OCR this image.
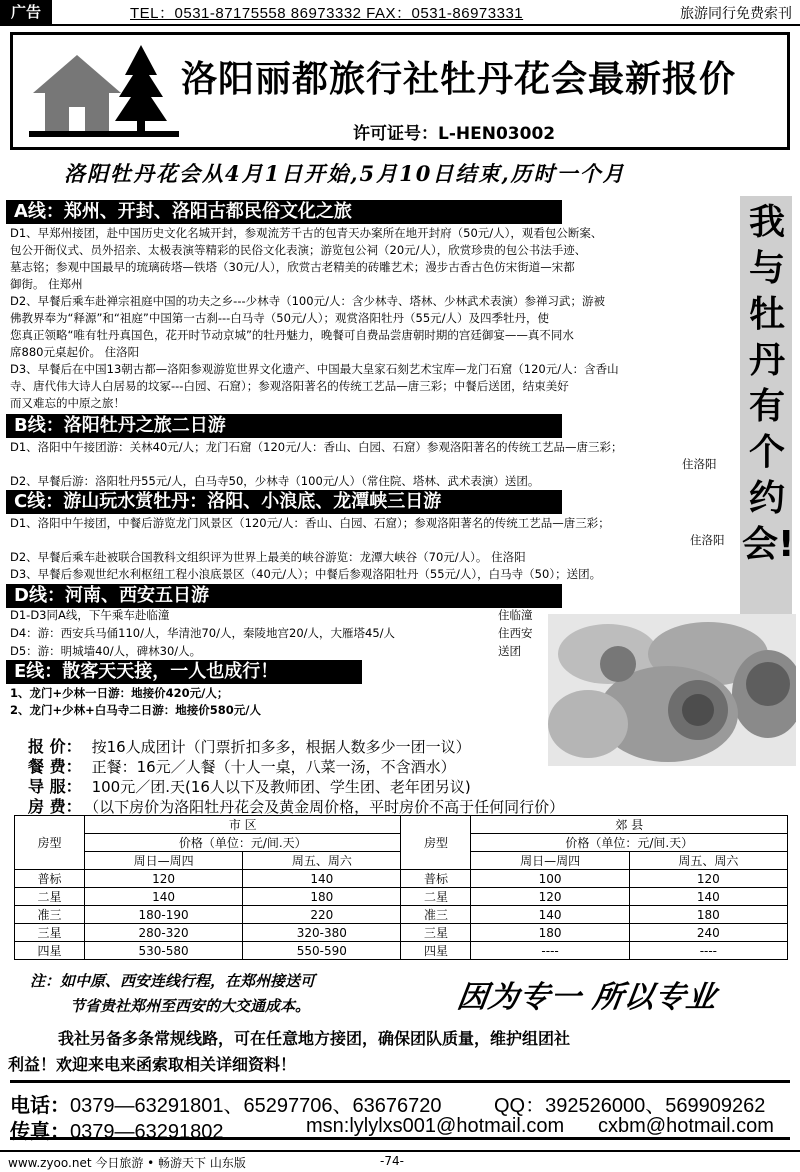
广告	TEL：0531-87175558 86973332 FAX：0531-86973331	旅游同行免费索刊
洛阳丽都旅行社牡丹花会最新报价
许可证号：L-HEN03002
洛阳牡丹花会从4月1日开始,5月10日结束,历时一个月
我与牡丹有个约会!
A线：郑州、开封、洛阳古都民俗文化之旅
D1、早郑州接团，赴中国历史文化名城开封，参观流芳千古的包青天办案所在地开封府（50元/人），观看包公断案、
包公开衙仪式、员外招亲、太极表演等精彩的民俗文化表演；游览包公祠（20元/人），欣赏珍贵的包公书法手迹、
墓志铭；参观中国最早的琉璃砖塔—铁塔（30元/人），欣赏古老精美的砖雕艺术；漫步古香古色仿宋街道—宋都
御街。 住郑州
D2、早餐后乘车赴禅宗祖庭中国的功夫之乡---少林寺（100元/人：含少林寺、塔林、少林武术表演）参禅习武；游被
佛教界奉为“释源”和“祖庭”中国第一古刹---白马寺（50元/人）；观赏洛阳牡丹（55元/人）及四季牡丹，使
您真正领略“唯有牡丹真国色，花开时节动京城”的牡丹魅力，晚餐可自费品尝唐朝时期的宫廷御宴——真不同水
席880元桌起价。 住洛阳
D3、早餐后在中国13朝古都—洛阳参观游览世界文化遗产、中国最大皇家石刻艺术宝库—龙门石窟（120元/人：含香山
寺、唐代伟大诗人白居易的坟冢---白园、石窟）；参观洛阳著名的传统工艺品—唐三彩；中餐后送团，结束美好
而又难忘的中原之旅！
B线：洛阳牡丹之旅二日游
D1、洛阳中午接团游：关林40元/人；龙门石窟（120元/人：香山、白园、石窟）参观洛阳著名的传统工艺品—唐三彩；
住洛阳
D2、早餐后游：洛阳牡丹55元/人，白马寺50，少林寺（100元/人）（常住院、塔林、武术表演）送团。
C线：游山玩水赏牡丹：洛阳、小浪底、龙潭峡三日游
D1、洛阳中午接团，中餐后游览龙门风景区（120元/人：香山、白园、石窟）；参观洛阳著名的传统工艺品—唐三彩；
住洛阳
D2、早餐后乘车赴被联合国教科文组织评为世界上最美的峡谷游览：龙潭大峡谷（70元/人）。 住洛阳
D3、早餐后参观世纪水利枢纽工程小浪底景区（40元/人）；中餐后参观洛阳牡丹（55元/人），白马寺（50）；送团。
D线：河南、西安五日游
D1-D3同A线，下午乘车赴临潼
D4：游：西安兵马俑110/人，华清池70/人，秦陵地宫20/人，大雁塔45/人
D5：游：明城墙40/人，碑林30/人。
住临潼
住西安
送团
E线：散客天天接，一人也成行！
1、龙门+少林一日游：地接价420元/人；
2、龙门+少林+白马寺二日游：地接价580元/人
报 价： 按16人成团计（门票折扣多多，根据人数多少一团一议）
餐 费： 正餐：16元／人餐（十人一桌，八菜一汤，不含酒水）
导 服： 100元／团.天(16人以下及教师团、学生团、老年团另议)
房 费： （以下房价为洛阳牡丹花会及黄金周价格，平时房价不高于任何同行价）
房型	市 区		房型	郊 县	
	价格（单位：元/间.天）			价格（单位：元/间.天）	
	周日—周四	周五、周六		周日—周四	周五、周六
普标	120	140	普标	100	120
二星	140	180	二星	120	140
准三	180-190	220	准三	140	180
三星	280-320	320-380	三星	180	240
四星	530-580	550-590	四星	----	----
注：如中原、西安连线行程，在郑州接送可
节省贵社郑州至西安的大交通成本。	因为专一 所以专业
我社另备多条常规线路，可在任意地方接团，确保团队质量，维护组团社
利益！欢迎来电来函索取相关详细资料！
电话：0379—63291801、65297706、63676720	QQ：392526000、569909262
传真：0379—63291802	msn:lylylxs001@hotmail.com cxbm@hotmail.com
www.zyoo.net 今日旅游 • 畅游天下 山东版	-74-
